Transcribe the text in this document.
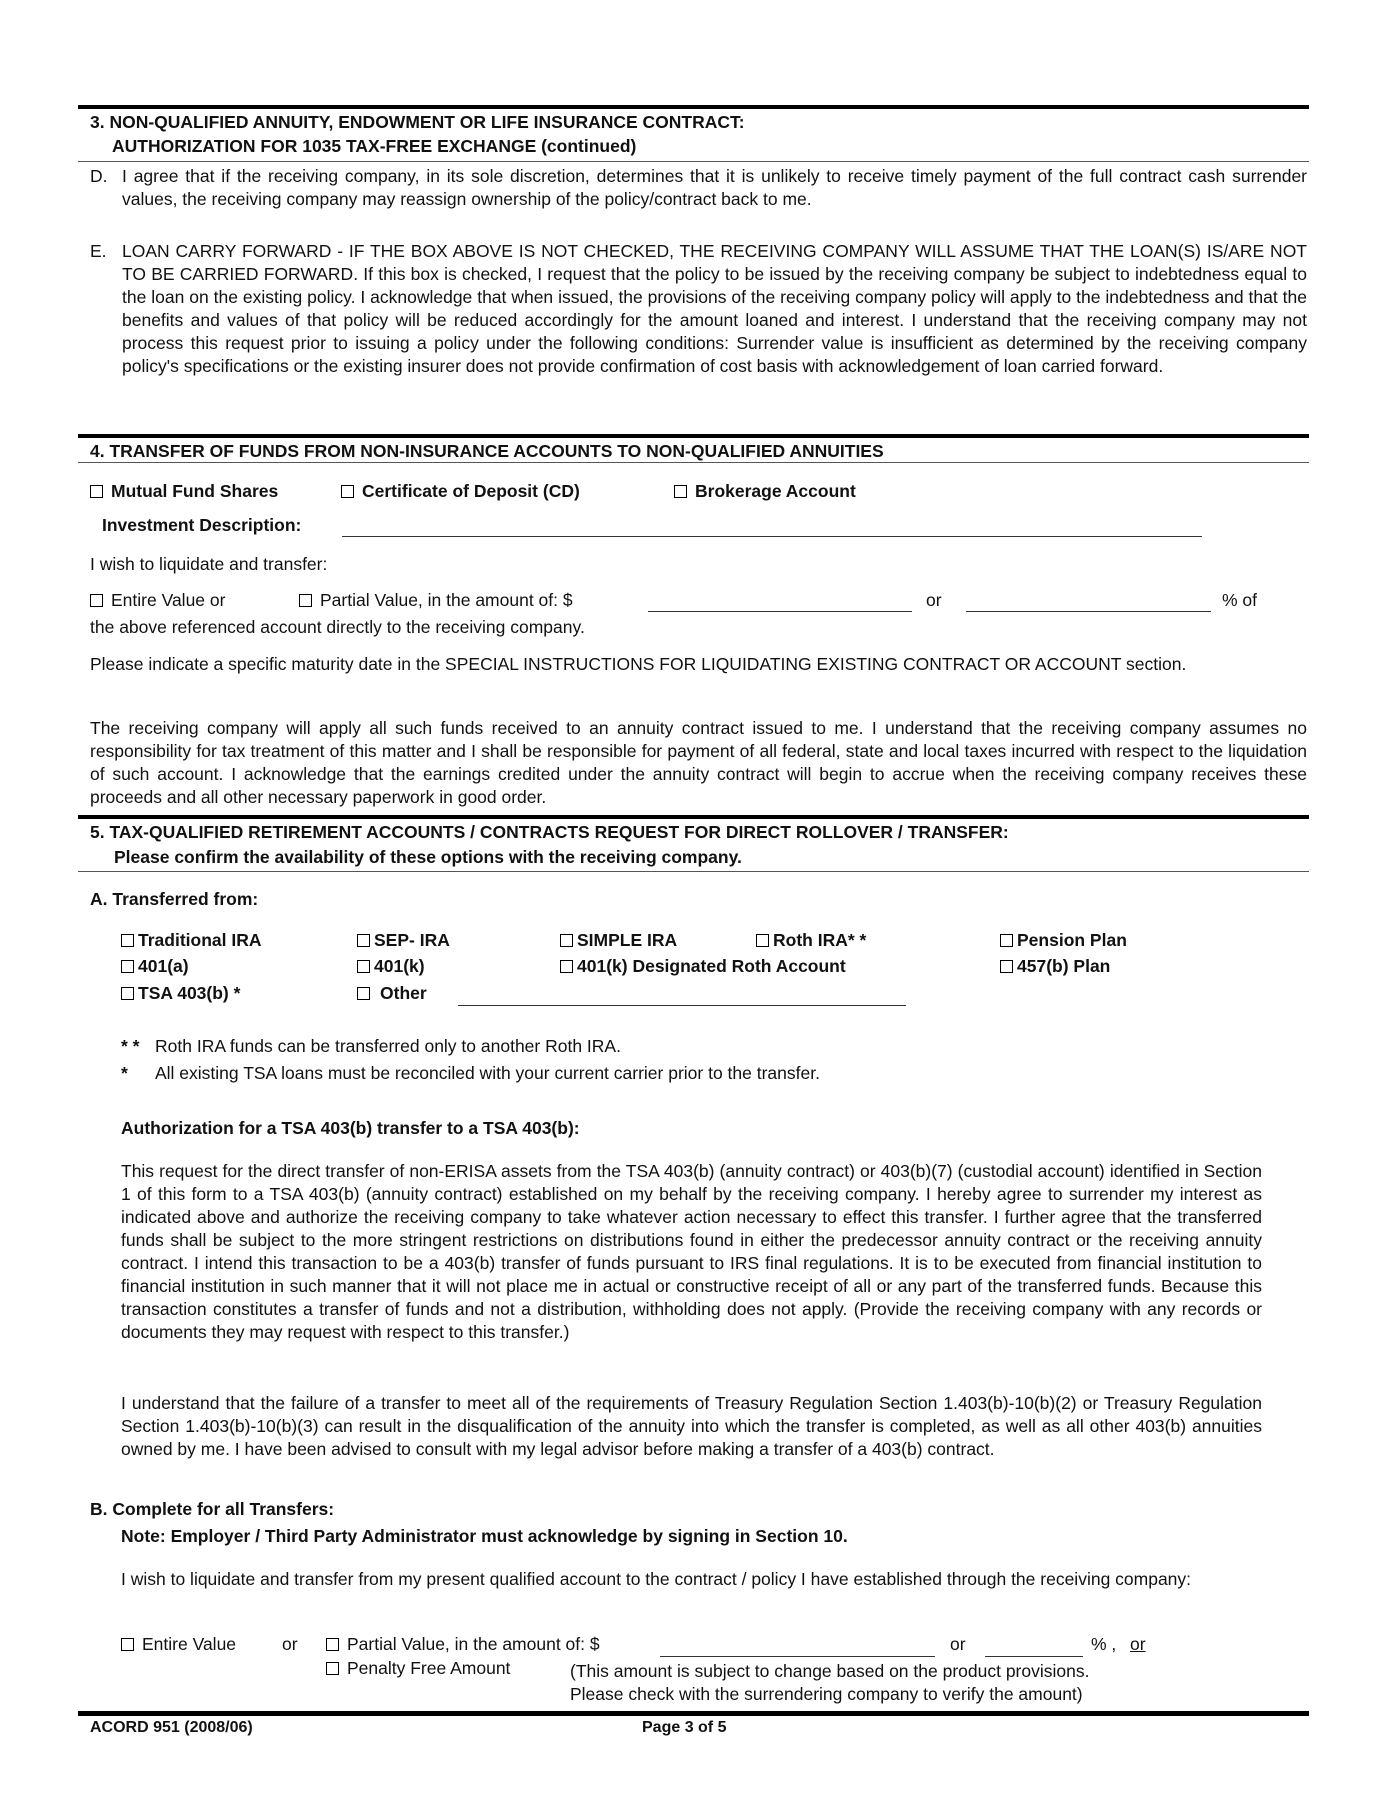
3. NON-QUALIFIED ANNUITY, ENDOWMENT OR LIFE INSURANCE CONTRACT:
AUTHORIZATION FOR 1035 TAX-FREE EXCHANGE (continued)
D. I agree that if the receiving company, in its sole discretion, determines that it is unlikely to receive timely payment of the full contract cash surrender values, the receiving company may reassign ownership of the policy/contract back to me.
E. LOAN CARRY FORWARD - IF THE BOX ABOVE IS NOT CHECKED, THE RECEIVING COMPANY WILL ASSUME THAT THE LOAN(S) IS/ARE NOT TO BE CARRIED FORWARD. If this box is checked, I request that the policy to be issued by the receiving company be subject to indebtedness equal to the loan on the existing policy. I acknowledge that when issued, the provisions of the receiving company policy will apply to the indebtedness and that the benefits and values of that policy will be reduced accordingly for the amount loaned and interest. I understand that the receiving company may not process this request prior to issuing a policy under the following conditions: Surrender value is insufficient as determined by the receiving company policy's specifications or the existing insurer does not provide confirmation of cost basis with acknowledgement of loan carried forward.
4. TRANSFER OF FUNDS FROM NON-INSURANCE ACCOUNTS TO NON-QUALIFIED ANNUITIES
Mutual Fund Shares	Certificate of Deposit (CD)	Brokerage Account
Investment Description:
I wish to liquidate and transfer:
Entire Value or	Partial Value, in the amount of: $	or	% of
the above referenced account directly to the receiving company.
Please indicate a specific maturity date in the SPECIAL INSTRUCTIONS FOR LIQUIDATING EXISTING CONTRACT OR ACCOUNT section.
The receiving company will apply all such funds received to an annuity contract issued to me. I understand that the receiving company assumes no responsibility for tax treatment of this matter and I shall be responsible for payment of all federal, state and local taxes incurred with respect to the liquidation of such account. I acknowledge that the earnings credited under the annuity contract will begin to accrue when the receiving company receives these proceeds and all other necessary paperwork in good order.
5. TAX-QUALIFIED RETIREMENT ACCOUNTS / CONTRACTS REQUEST FOR DIRECT ROLLOVER / TRANSFER:
Please confirm the availability of these options with the receiving company.
A. Transferred from:
Traditional IRA	SEP- IRA	SIMPLE IRA	Roth IRA* *	Pension Plan
401(a)	401(k)	401(k) Designated Roth Account	457(b) Plan
TSA 403(b) *	Other
* * Roth IRA funds can be transferred only to another Roth IRA.
* All existing TSA loans must be reconciled with your current carrier prior to the transfer.
Authorization for a TSA 403(b) transfer to a TSA 403(b):
This request for the direct transfer of non-ERISA assets from the TSA 403(b) (annuity contract) or 403(b)(7) (custodial account) identified in Section 1 of this form to a TSA 403(b) (annuity contract) established on my behalf by the receiving company. I hereby agree to surrender my interest as indicated above and authorize the receiving company to take whatever action necessary to effect this transfer. I further agree that the transferred funds shall be subject to the more stringent restrictions on distributions found in either the predecessor annuity contract or the receiving annuity contract. I intend this transaction to be a 403(b) transfer of funds pursuant to IRS final regulations. It is to be executed from financial institution to financial institution in such manner that it will not place me in actual or constructive receipt of all or any part of the transferred funds. Because this transaction constitutes a transfer of funds and not a distribution, withholding does not apply. (Provide the receiving company with any records or documents they may request with respect to this transfer.)
I understand that the failure of a transfer to meet all of the requirements of Treasury Regulation Section 1.403(b)-10(b)(2) or Treasury Regulation Section 1.403(b)-10(b)(3) can result in the disqualification of the annuity into which the transfer is completed, as well as all other 403(b) annuities owned by me. I have been advised to consult with my legal advisor before making a transfer of a 403(b) contract.
B. Complete for all Transfers:
Note: Employer / Third Party Administrator must acknowledge by signing in Section 10.
I wish to liquidate and transfer from my present qualified account to the contract / policy I have established through the receiving company:
Entire Value	or	Partial Value, in the amount of: $	or	% , or
Penalty Free Amount	(This amount is subject to change based on the product provisions.
Please check with the surrendering company to verify the amount)
ACORD 951 (2008/06)	Page 3 of 5
